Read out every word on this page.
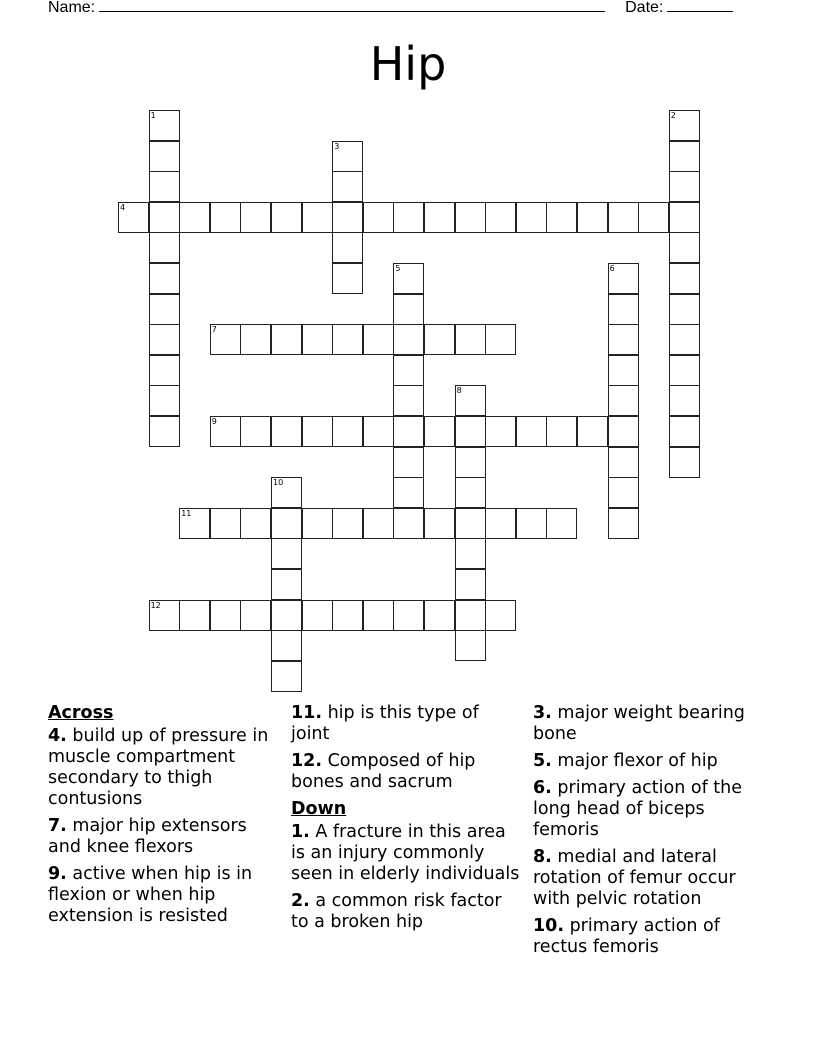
Name:	Date:
Hip
4
7
9
11
12
1	2
3
5	6
8
10
Across
4. build up of pressure in muscle compartment secondary to thigh contusions
7. major hip extensors and knee flexors
9. active when hip is in flexion or when hip extension is resisted
11. hip is this type of joint
12. Composed of hip bones and sacrum
Down
1. A fracture in this area is an injury commonly seen in elderly individuals
2. a common risk factor to a broken hip
3. major weight bearing bone
5. major flexor of hip
6. primary action of the long head of biceps femoris
8. medial and lateral rotation of femur occur with pelvic rotation
10. primary action of rectus femoris
